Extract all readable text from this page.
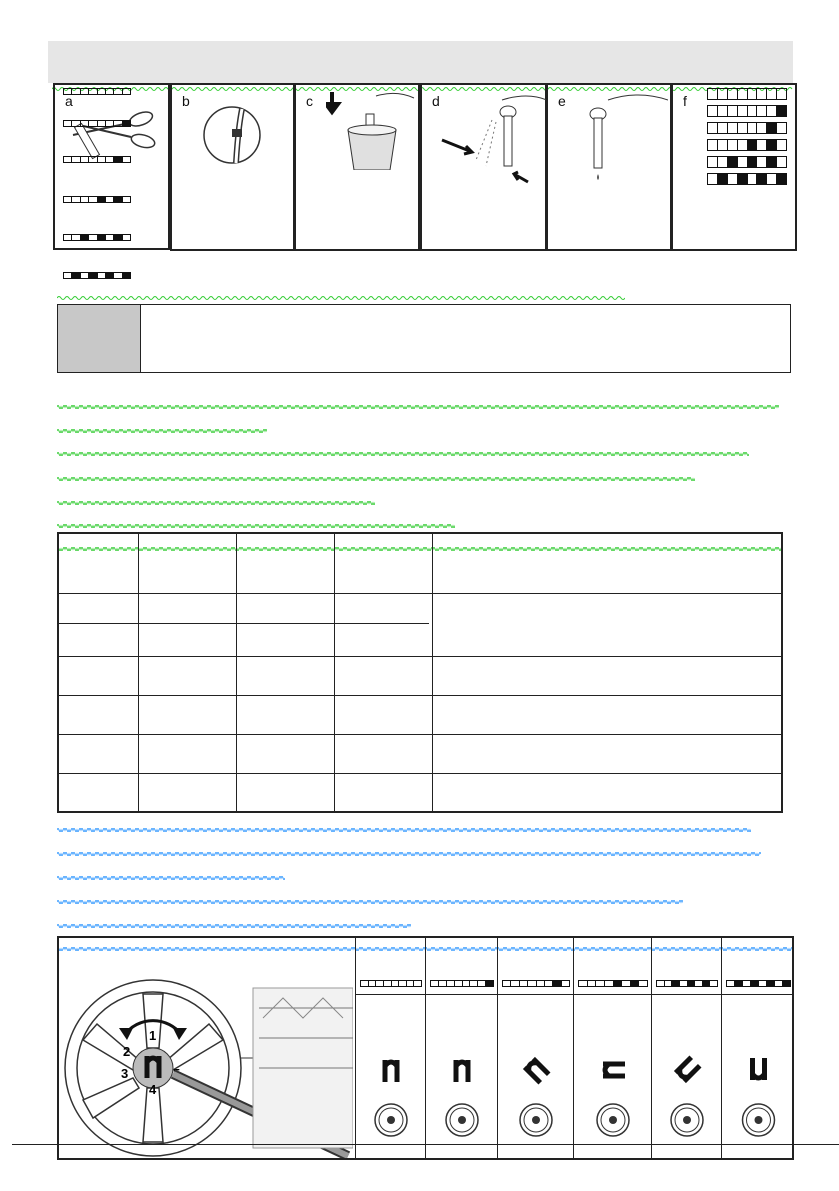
a	b	c	d	e	f
1
2
3
4
